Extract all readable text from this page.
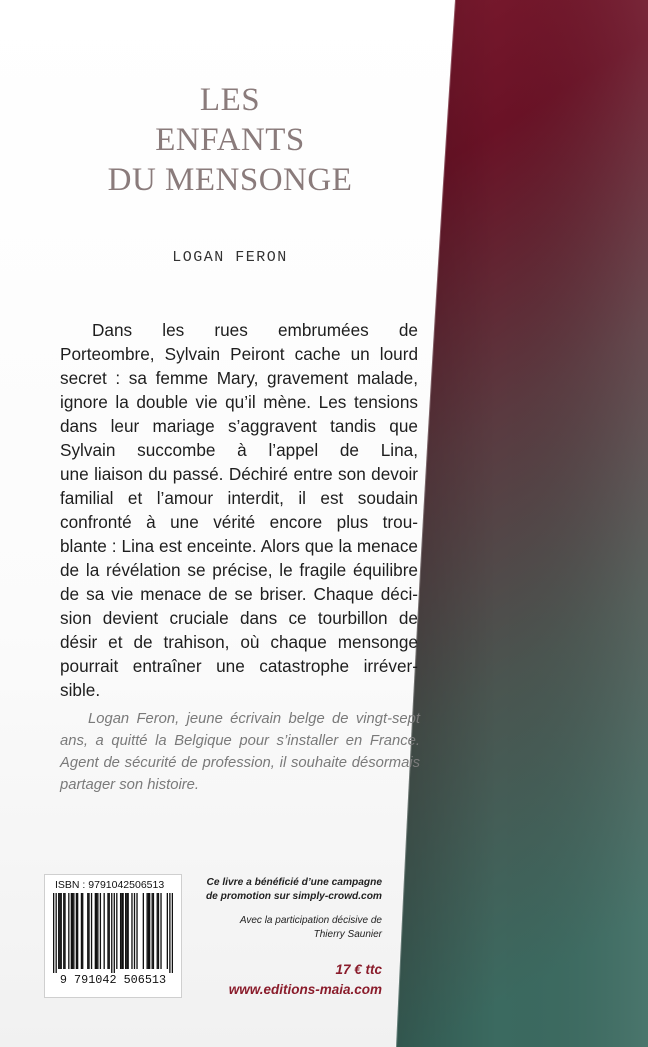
LES
ENFANTS
DU MENSONGE
LOGAN FERON
Dans les rues embrumées de
Porteombre, Sylvain Peiront cache un lourd
secret : sa femme Mary, gravement malade,
ignore la double vie qu’il mène. Les tensions
dans leur mariage s’aggravent tandis que
Sylvain succombe à l’appel de Lina,
une liaison du passé. Déchiré entre son devoir
familial et l’amour interdit, il est soudain
confronté à une vérité encore plus trou-
blante : Lina est enceinte. Alors que la menace
de la révélation se précise, le fragile équilibre
de sa vie menace de se briser. Chaque déci-
sion devient cruciale dans ce tourbillon de
désir et de trahison, où chaque mensonge
pourrait entraîner une catastrophe irréver-
sible.
Logan Feron, jeune écrivain belge de vingt-sept
ans, a quitté la Belgique pour s’installer en France.
Agent de sécurité de profession, il souhaite désormais
partager son histoire.
ISBN : 9791042506513
9 791042 506513
Ce livre a bénéficié d’une campagne
de promotion sur simply-crowd.com
Avec la participation décisive de
Thierry Saunier
17 € ttc
www.editions-maia.com
